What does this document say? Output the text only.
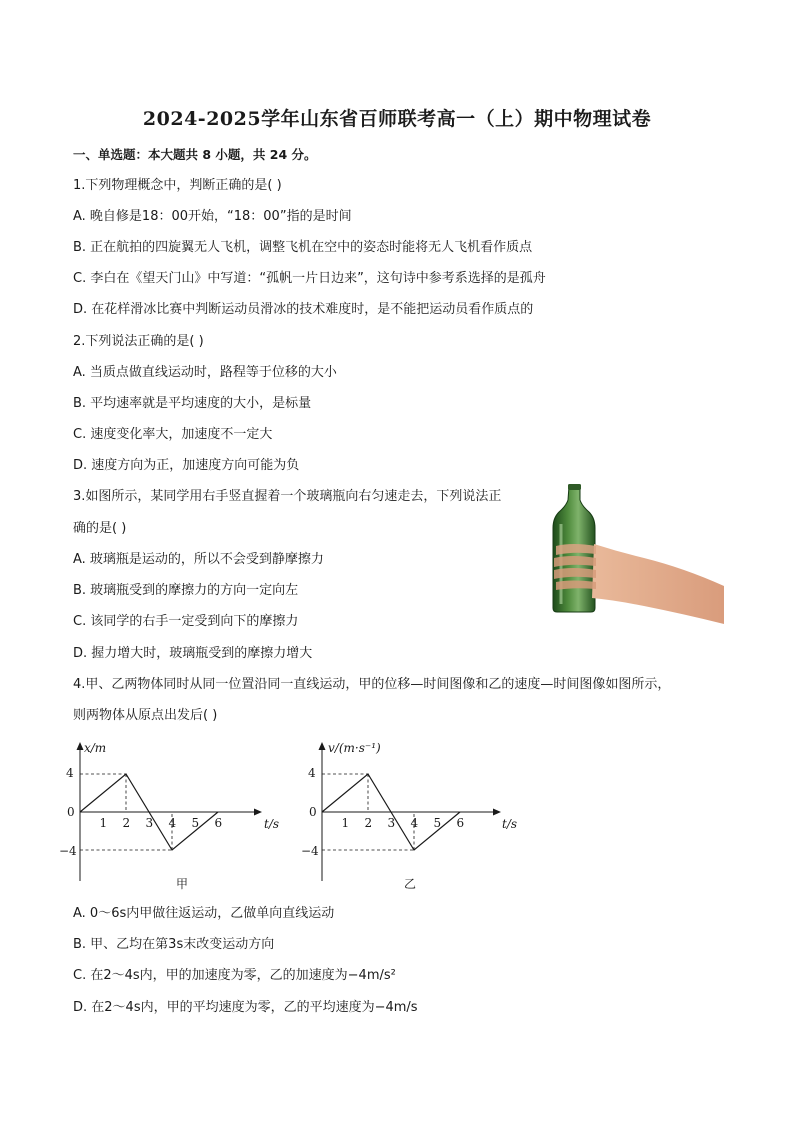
2024-2025学年山东省百师联考高一（上）期中物理试卷
一、单选题：本大题共 8 小题，共 24 分。
1.下列物理概念中，判断正确的是( )
A. 晚自修是18：00开始，“18：00”指的是时间
B. 正在航拍的四旋翼无人飞机，调整飞机在空中的姿态时能将无人飞机看作质点
C. 李白在《望天门山》中写道：“孤帆一片日边来”，这句诗中参考系选择的是孤舟
D. 在花样滑冰比赛中判断运动员滑冰的技术难度时，是不能把运动员看作质点的
2.下列说法正确的是( )
A. 当质点做直线运动时，路程等于位移的大小
B. 平均速率就是平均速度的大小，是标量
C. 速度变化率大，加速度不一定大
D. 速度方向为正，加速度方向可能为负
3.如图所示，某同学用右手竖直握着一个玻璃瓶向右匀速走去，下列说法正
确的是( )
A. 玻璃瓶是运动的，所以不会受到静摩擦力
B. 玻璃瓶受到的摩擦力的方向一定向左
C. 该同学的右手一定受到向下的摩擦力
D. 握力增大时，玻璃瓶受到的摩擦力增大
4.甲、乙两物体同时从同一位置沿同一直线运动，甲的位移—时间图像和乙的速度—时间图像如图所示，
则两物体从原点出发后( )
x/m
t/s
0
4
−4
1 2 3 4 5 6
甲
v/(m·s⁻¹)
t/s
0
4
−4
1 2 3 4 5 6
乙
A. 0～6s内甲做往返运动，乙做单向直线运动
B. 甲、乙均在第3s末改变运动方向
C. 在2～4s内，甲的加速度为零，乙的加速度为−4m/s²
D. 在2～4s内，甲的平均速度为零，乙的平均速度为−4m/s
